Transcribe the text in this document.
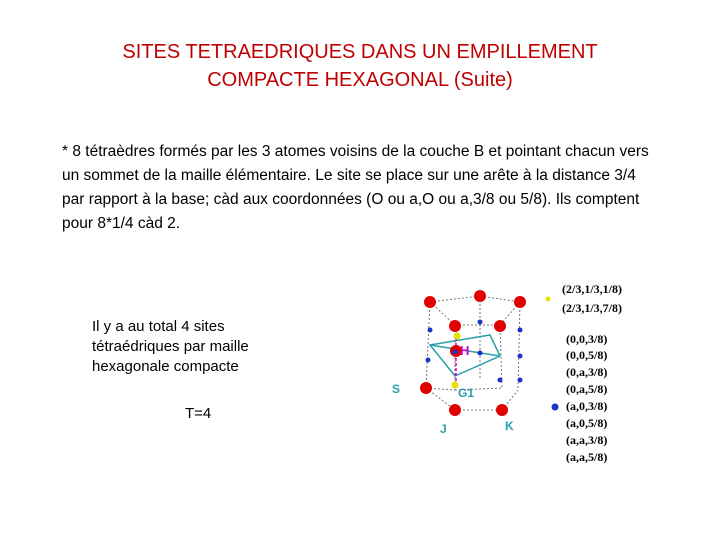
SITES TETRAEDRIQUES DANS UN EMPILLEMENT
COMPACTE HEXAGONAL (Suite)
* 8 tétraèdres formés par les 3 atomes voisins de la couche B et pointant chacun vers un sommet de la maille élémentaire. Le site se place sur une arête à la distance 3/4 par rapport à la base; càd aux coordonnées (O ou a,O ou a,3/8 ou 5/8). Ils comptent pour 8*1/4 càd 2.
Il y a au total 4 sites tétraédriques par maille hexagonale compacte
T=4
H
S	G1
J	K
(2/3,1/3,1/8)
(2/3,1/3,7/8)
(0,0,3/8)
(0,0,5/8)
(0,a,3/8)
(0,a,5/8)
(a,0,3/8)
(a,0,5/8)
(a,a,3/8)
(a,a,5/8)
